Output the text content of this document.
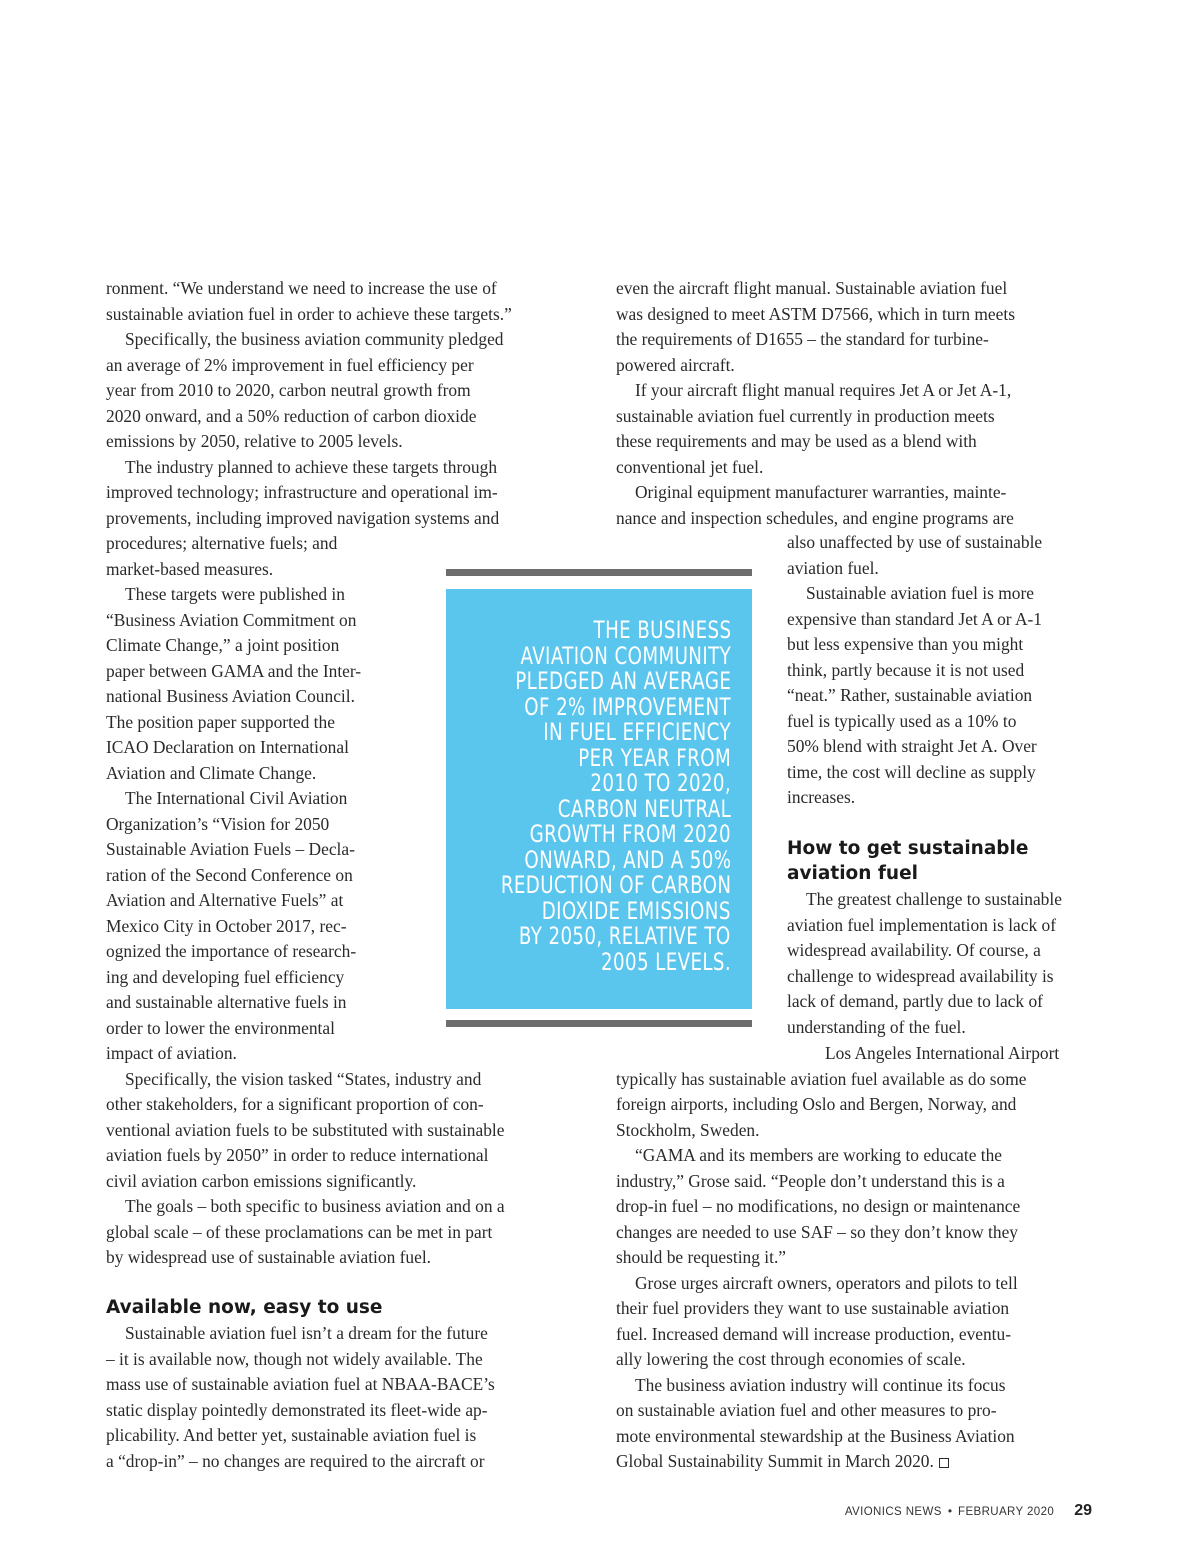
ronment. “We understand we need to increase the use of

sustainable aviation fuel in order to achieve these targets.”

Specifically, the business aviation community pledged

an average of 2% improvement in fuel efficiency per

year from 2010 to 2020, carbon neutral growth from

2020 onward, and a 50% reduction of carbon dioxide

emissions by 2050, relative to 2005 levels.

The industry planned to achieve these targets through

improved technology; infrastructure and operational im-

provements, including improved navigation systems and

procedures; alternative fuels; and

market-based measures.

These targets were published in

“Business Aviation Commitment on

Climate Change,” a joint position

paper between GAMA and the Inter-

national Business Aviation Council.

The position paper supported the

ICAO Declaration on International

Aviation and Climate Change.

The International Civil Aviation

Organization’s “Vision for 2050

Sustainable Aviation Fuels – Decla-

ration of the Second Conference on

Aviation and Alternative Fuels” at

Mexico City in October 2017, rec-

ognized the importance of research-

ing and developing fuel efficiency

and sustainable alternative fuels in

order to lower the environmental

impact of aviation.

Specifically, the vision tasked “States, industry and

other stakeholders, for a significant proportion of con-

ventional aviation fuels to be substituted with sustainable

aviation fuels by 2050” in order to reduce international

civil aviation carbon emissions significantly.

The goals – both specific to business aviation and on a

global scale – of these proclamations can be met in part

by widespread use of sustainable aviation fuel.

Available now, easy to use

Sustainable aviation fuel isn’t a dream for the future

– it is available now, though not widely available. The

mass use of sustainable aviation fuel at NBAA-BACE’s

static display pointedly demonstrated its fleet-wide ap-

plicability. And better yet, sustainable aviation fuel is

a “drop-in” – no changes are required to the aircraft or

even the aircraft flight manual. Sustainable aviation fuel

was designed to meet ASTM D7566, which in turn meets

the requirements of D1655 – the standard for turbine-

powered aircraft.

If your aircraft flight manual requires Jet A or Jet A-1,

sustainable aviation fuel currently in production meets

these requirements and may be used as a blend with

conventional jet fuel.

Original equipment manufacturer warranties, mainte-

nance and inspection schedules, and engine programs are

also unaffected by use of sustainable

aviation fuel.

Sustainable aviation fuel is more

expensive than standard Jet A or A-1

but less expensive than you might

think, partly because it is not used

“neat.” Rather, sustainable aviation

fuel is typically used as a 10% to

50% blend with straight Jet A. Over

time, the cost will decline as supply

increases.

How to get sustainable
aviation fuel

The greatest challenge to sustainable

aviation fuel implementation is lack of

widespread availability. Of course, a

challenge to widespread availability is

lack of demand, partly due to lack of

understanding of the fuel.

Los Angeles International Airport

typically has sustainable aviation fuel available as do some

foreign airports, including Oslo and Bergen, Norway, and

Stockholm, Sweden.

“GAMA and its members are working to educate the

industry,” Grose said. “People don’t understand this is a

drop-in fuel – no modifications, no design or maintenance

changes are needed to use SAF – so they don’t know they

should be requesting it.”

Grose urges aircraft owners, operators and pilots to tell

their fuel providers they want to use sustainable aviation

fuel. Increased demand will increase production, eventu-

ally lowering the cost through economies of scale.

The business aviation industry will continue its focus

on sustainable aviation fuel and other measures to pro-

mote environmental stewardship at the Business Aviation

Global Sustainability Summit in March 2020.

THE BUSINESS
AVIATION COMMUNITY
PLEDGED AN AVERAGE
OF 2% IMPROVEMENT
IN FUEL EFFICIENCY
PER YEAR FROM
2010 TO 2020,
CARBON NEUTRAL
GROWTH FROM 2020
ONWARD, AND A 50%
REDUCTION OF CARBON
DIOXIDE EMISSIONS
BY 2050, RELATIVE TO
2005 LEVELS.
AVIONICS NEWS • FEBRUARY 2020 29
